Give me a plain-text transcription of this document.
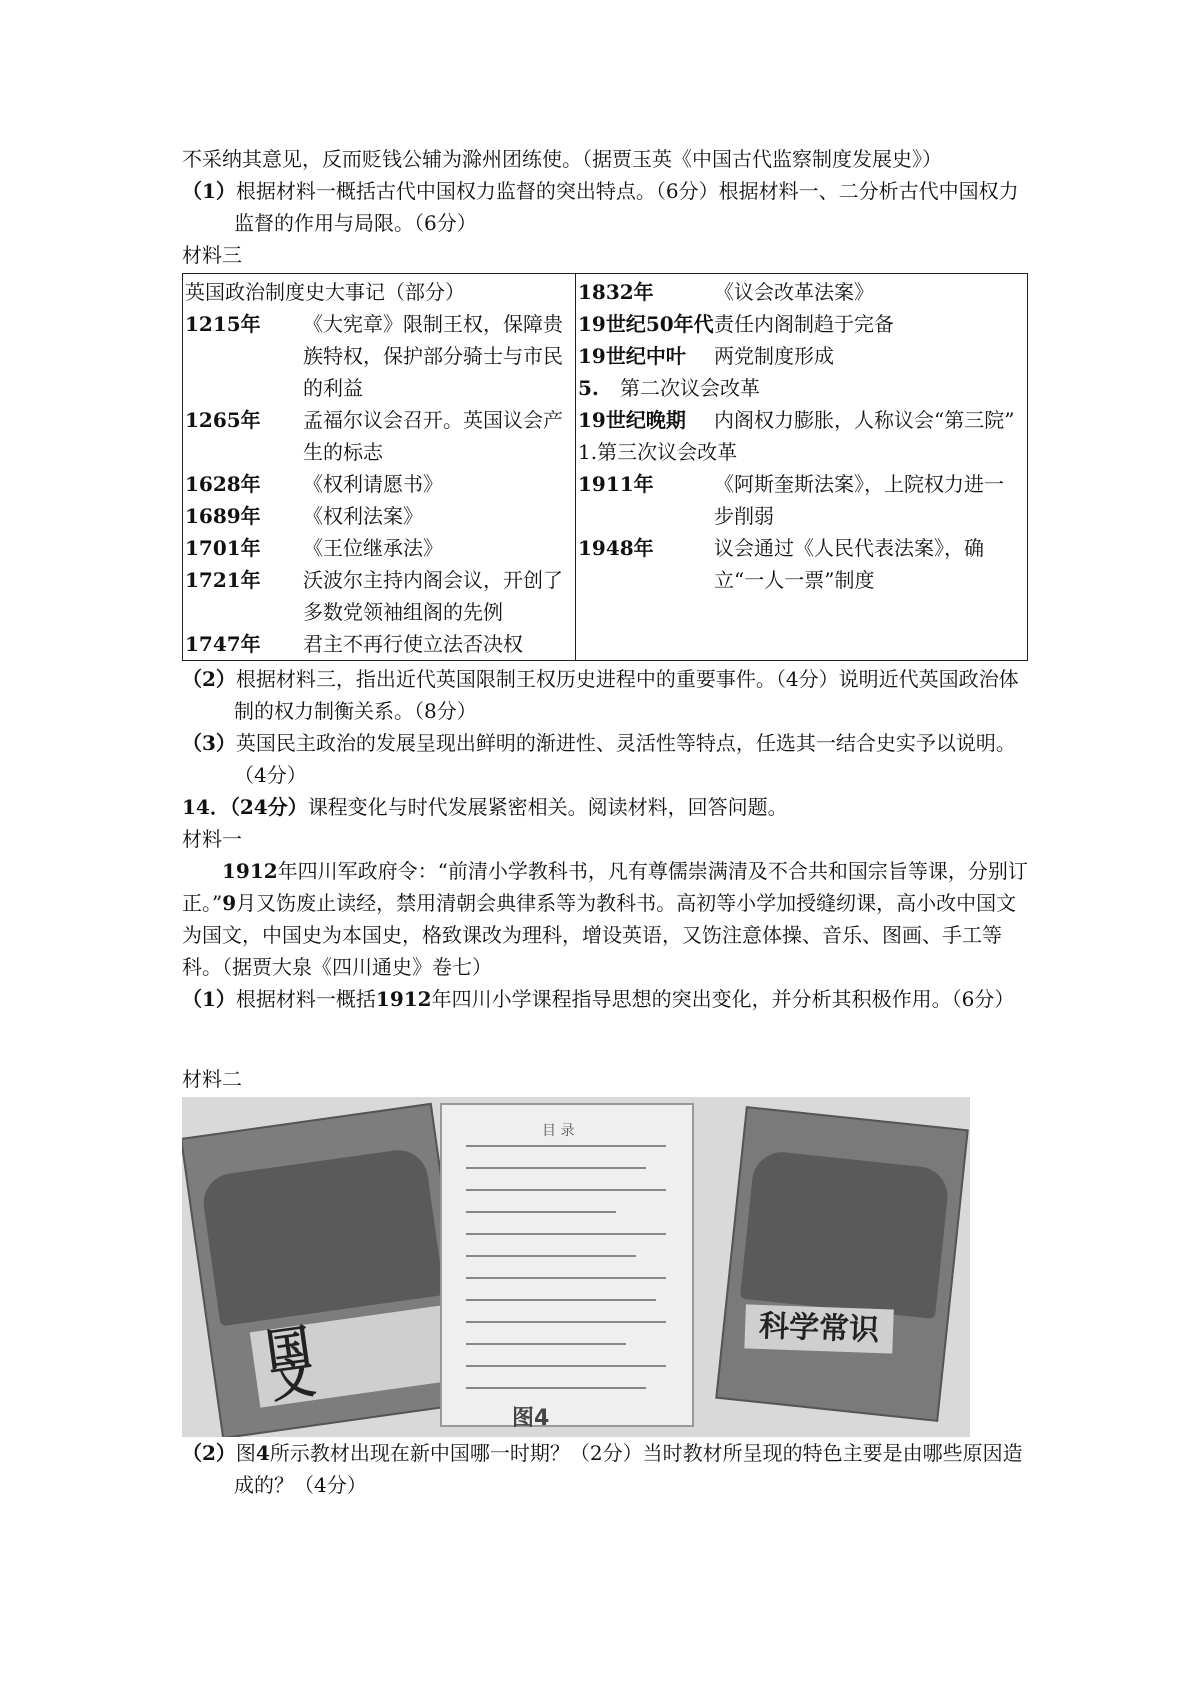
不采纳其意见，反而贬钱公辅为滁州团练使。（据贾玉英《中国古代监察制度发展史》）

（1）根据材料一概括古代中国权力监督的突出特点。（6分）根据材料一、二分析古代中国权力监督的作用与局限。（6分）

材料三

英国政治制度史大事记（部分）
1215年	《大宪章》限制王权，保障贵族特权，保护部分骑士与市民的利益
1265年	孟福尔议会召开。英国议会产生的标志
1628年	《权利请愿书》
1689年	《权利法案》
1701年	《王位继承法》
1721年	沃波尔主持内阁会议，开创了多数党领袖组阁的先例
1747年	君主不再行使立法否决权

1832年	《议会改革法案》
19世纪50年代 责任内阁制趋于完备
19世纪中叶	两党制度形成
5.	第二次议会改革
19世纪晚期	内阁权力膨胀，人称议会“第三院”
1.第三次议会改革
1911年	《阿斯奎斯法案》，上院权力进一步削弱
1948年	议会通过《人民代表法案》，确立“一人一票”制度

（2）根据材料三，指出近代英国限制王权历史进程中的重要事件。（4分）说明近代英国政治体制的权力制衡关系。（8分）

（3）英国民主政治的发展呈现出鲜明的渐进性、灵活性等特点，任选其一结合史实予以说明。（4分）

14．（24分）课程变化与时代发展紧密相关。阅读材料，回答问题。

材料一

1912年四川军政府令：“前清小学教科书，凡有尊儒崇满清及不合共和国宗旨等课，分别订正。”9月又饬废止读经，禁用清朝会典律系等为教科书。高初等小学加授缝纫课，高小改中国文为国文，中国史为本国史，格致课改为理科，增设英语，又饬注意体操、音乐、图画、手工等科。（据贾大泉《四川通史》卷七）

（1）根据材料一概括1912年四川小学课程指导思想的突出变化，并分析其积极作用。（6分）

材料二

国 文
目 录
科学常识
图4

（2）图4所示教材出现在新中国哪一时期？（2分）当时教材所呈现的特色主要是由哪些原因造成的？（4分）
